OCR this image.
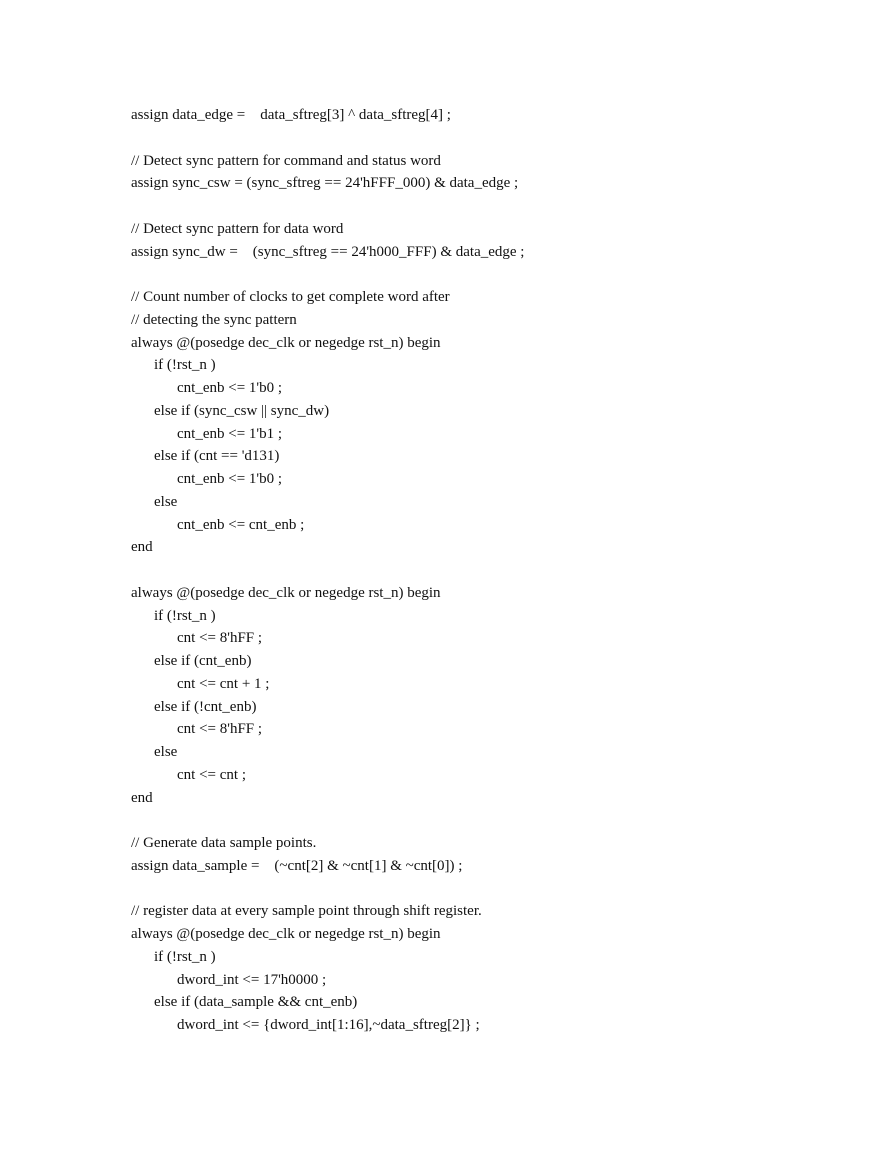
assign data_edge =    data_sftreg[3] ^ data_sftreg[4] ;
// Detect sync pattern for command and status word
assign sync_csw = (sync_sftreg == 24'hFFF_000) & data_edge ;
// Detect sync pattern for data word
assign sync_dw =    (sync_sftreg == 24'h000_FFF) & data_edge ;
// Count number of clocks to get complete word after
// detecting the sync pattern
always @(posedge dec_clk or negedge rst_n) begin
if (!rst_n )
cnt_enb <= 1'b0 ;
else if (sync_csw || sync_dw)
cnt_enb <= 1'b1 ;
else if (cnt == 'd131)
cnt_enb <= 1'b0 ;
else
cnt_enb <= cnt_enb ;
end
always @(posedge dec_clk or negedge rst_n) begin
if (!rst_n )
cnt <= 8'hFF ;
else if (cnt_enb)
cnt <= cnt + 1 ;
else if (!cnt_enb)
cnt <= 8'hFF ;
else
cnt <= cnt ;
end
// Generate data sample points.
assign data_sample =    (~cnt[2] & ~cnt[1] & ~cnt[0]) ;
// register data at every sample point through shift register.
always @(posedge dec_clk or negedge rst_n) begin
if (!rst_n )
dword_int <= 17'h0000 ;
else if (data_sample && cnt_enb)
dword_int <= {dword_int[1:16],~data_sftreg[2]} ;
